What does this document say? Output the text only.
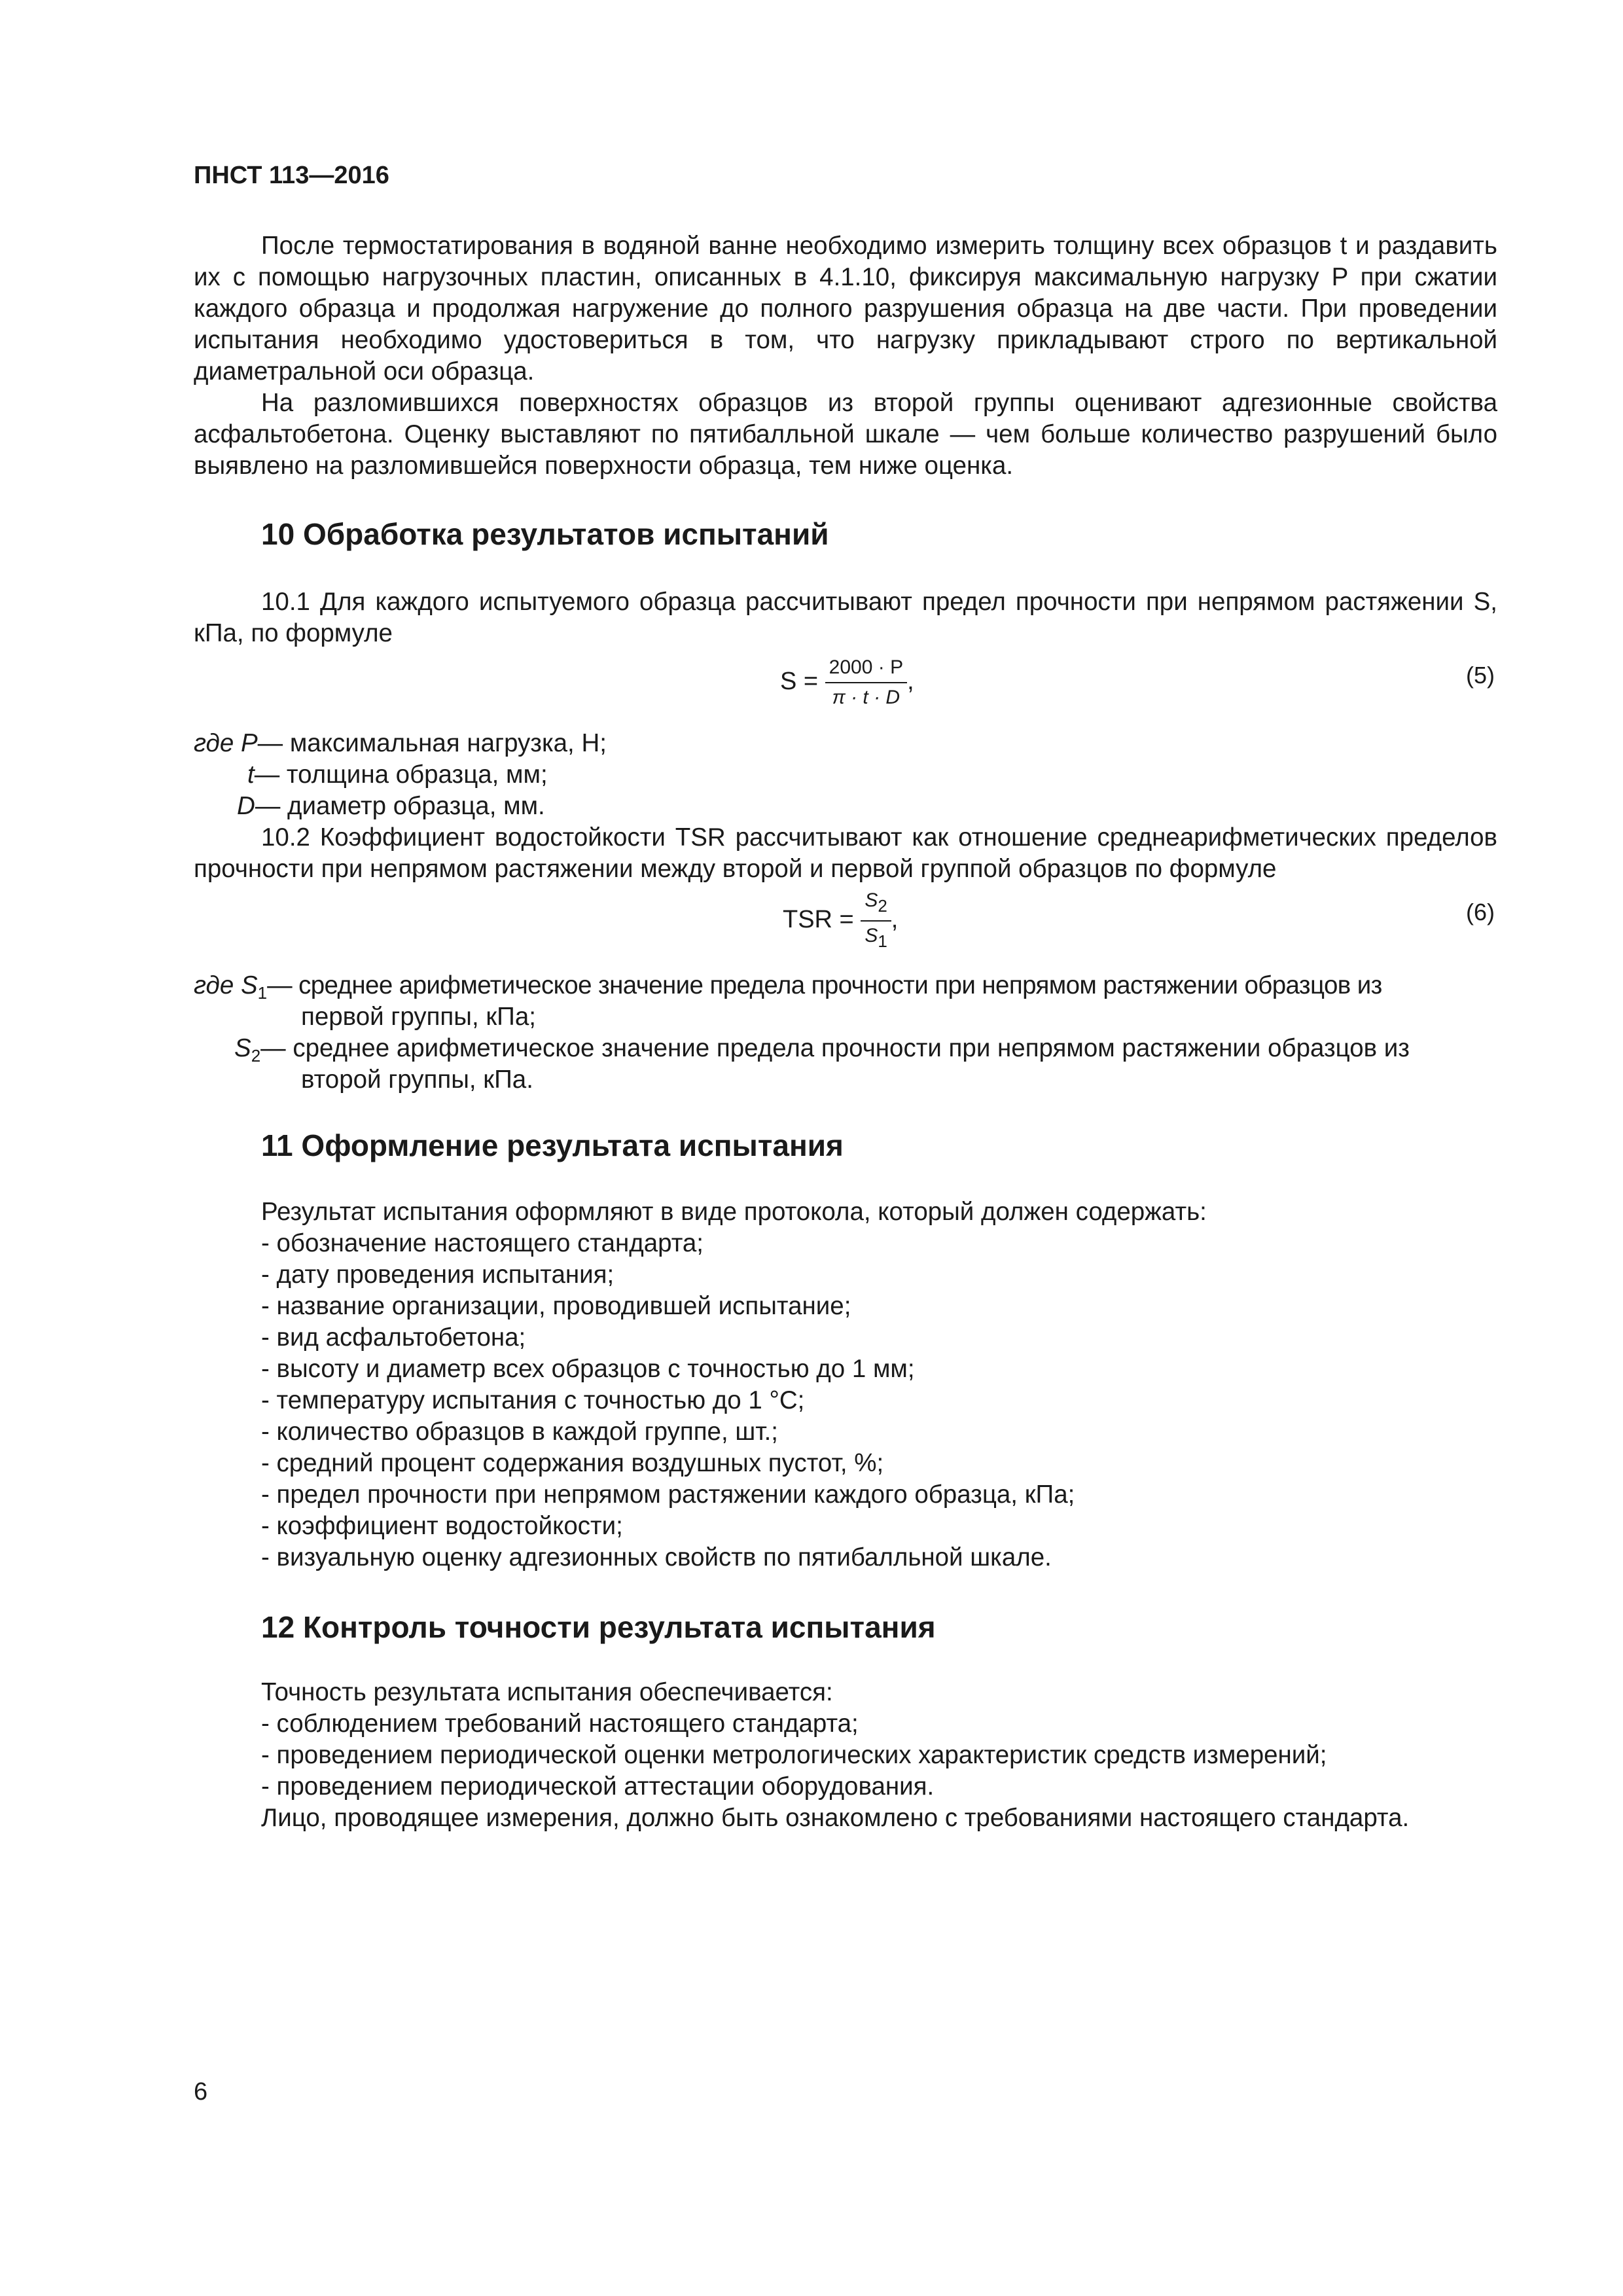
ПНСТ 113—2016

После термостатирования в водяной ванне необходимо измерить толщину всех образцов t и раздавить их с помощью нагрузочных пластин, описанных в 4.1.10, фиксируя максимальную нагрузку P при сжатии каждого образца и продолжая нагружение до полного разрушения образца на две части. При проведении испытания необходимо удостовериться в том, что нагрузку прикладывают строго по вертикальной диаметральной оси образца.

На разломившихся поверхностях образцов из второй группы оценивают адгезионные свойства асфальтобетона. Оценку выставляют по пятибалльной шкале — чем больше количество разрушений было выявлено на разломившейся поверхности образца, тем ниже оценка.

10 Обработка результатов испытаний

10.1 Для каждого испытуемого образца рассчитывают предел прочности при непрямом растяжении S, кПа, по формуле

$S = \frac{2000 \cdot P}{\pi \cdot t \cdot D}$ ,	(5)
где P— максимальная нагрузка, Н;
t— толщина образца, мм;
D— диаметр образца, мм.

10.2 Коэффициент водостойкости TSR рассчитывают как отношение среднеарифметических пределов прочности при непрямом растяжении между второй и первой группой образцов по формуле

TSR = $\frac{S2}{S1}$ ,	(6)
где $S_1—$ среднее арифметическое значение предела прочности при непрямом растяжении образцов из
первой группы, кПа;
$S_2—$ среднее арифметическое значение предела прочности при непрямом растяжении образцов из
второй группы, кПа.
11 Оформление результата испытания
Результат испытания оформляют в виде протокола, который должен содержать:
- обозначение настоящего стандарта;
- дату проведения испытания;
- название организации, проводившей испытание;
- вид асфальтобетона;
- высоту и диаметр всех образцов с точностью до 1 мм;
- температуру испытания с точностью до 1 °С;
- количество образцов в каждой группе, шт.;
- средний процент содержания воздушных пустот, %;
- предел прочности при непрямом растяжении каждого образца, кПа;
- коэффициент водостойкости;
- визуальную оценку адгезионных свойств по пятибалльной шкале.
12 Контроль точности результата испытания
Точность результата испытания обеспечивается:
- соблюдением требований настоящего стандарта;
- проведением периодической оценки метрологических характеристик средств измерений;
- проведением периодической аттестации оборудования.
Лицо, проводящее измерения, должно быть ознакомлено с требованиями настоящего стандарта.
6
